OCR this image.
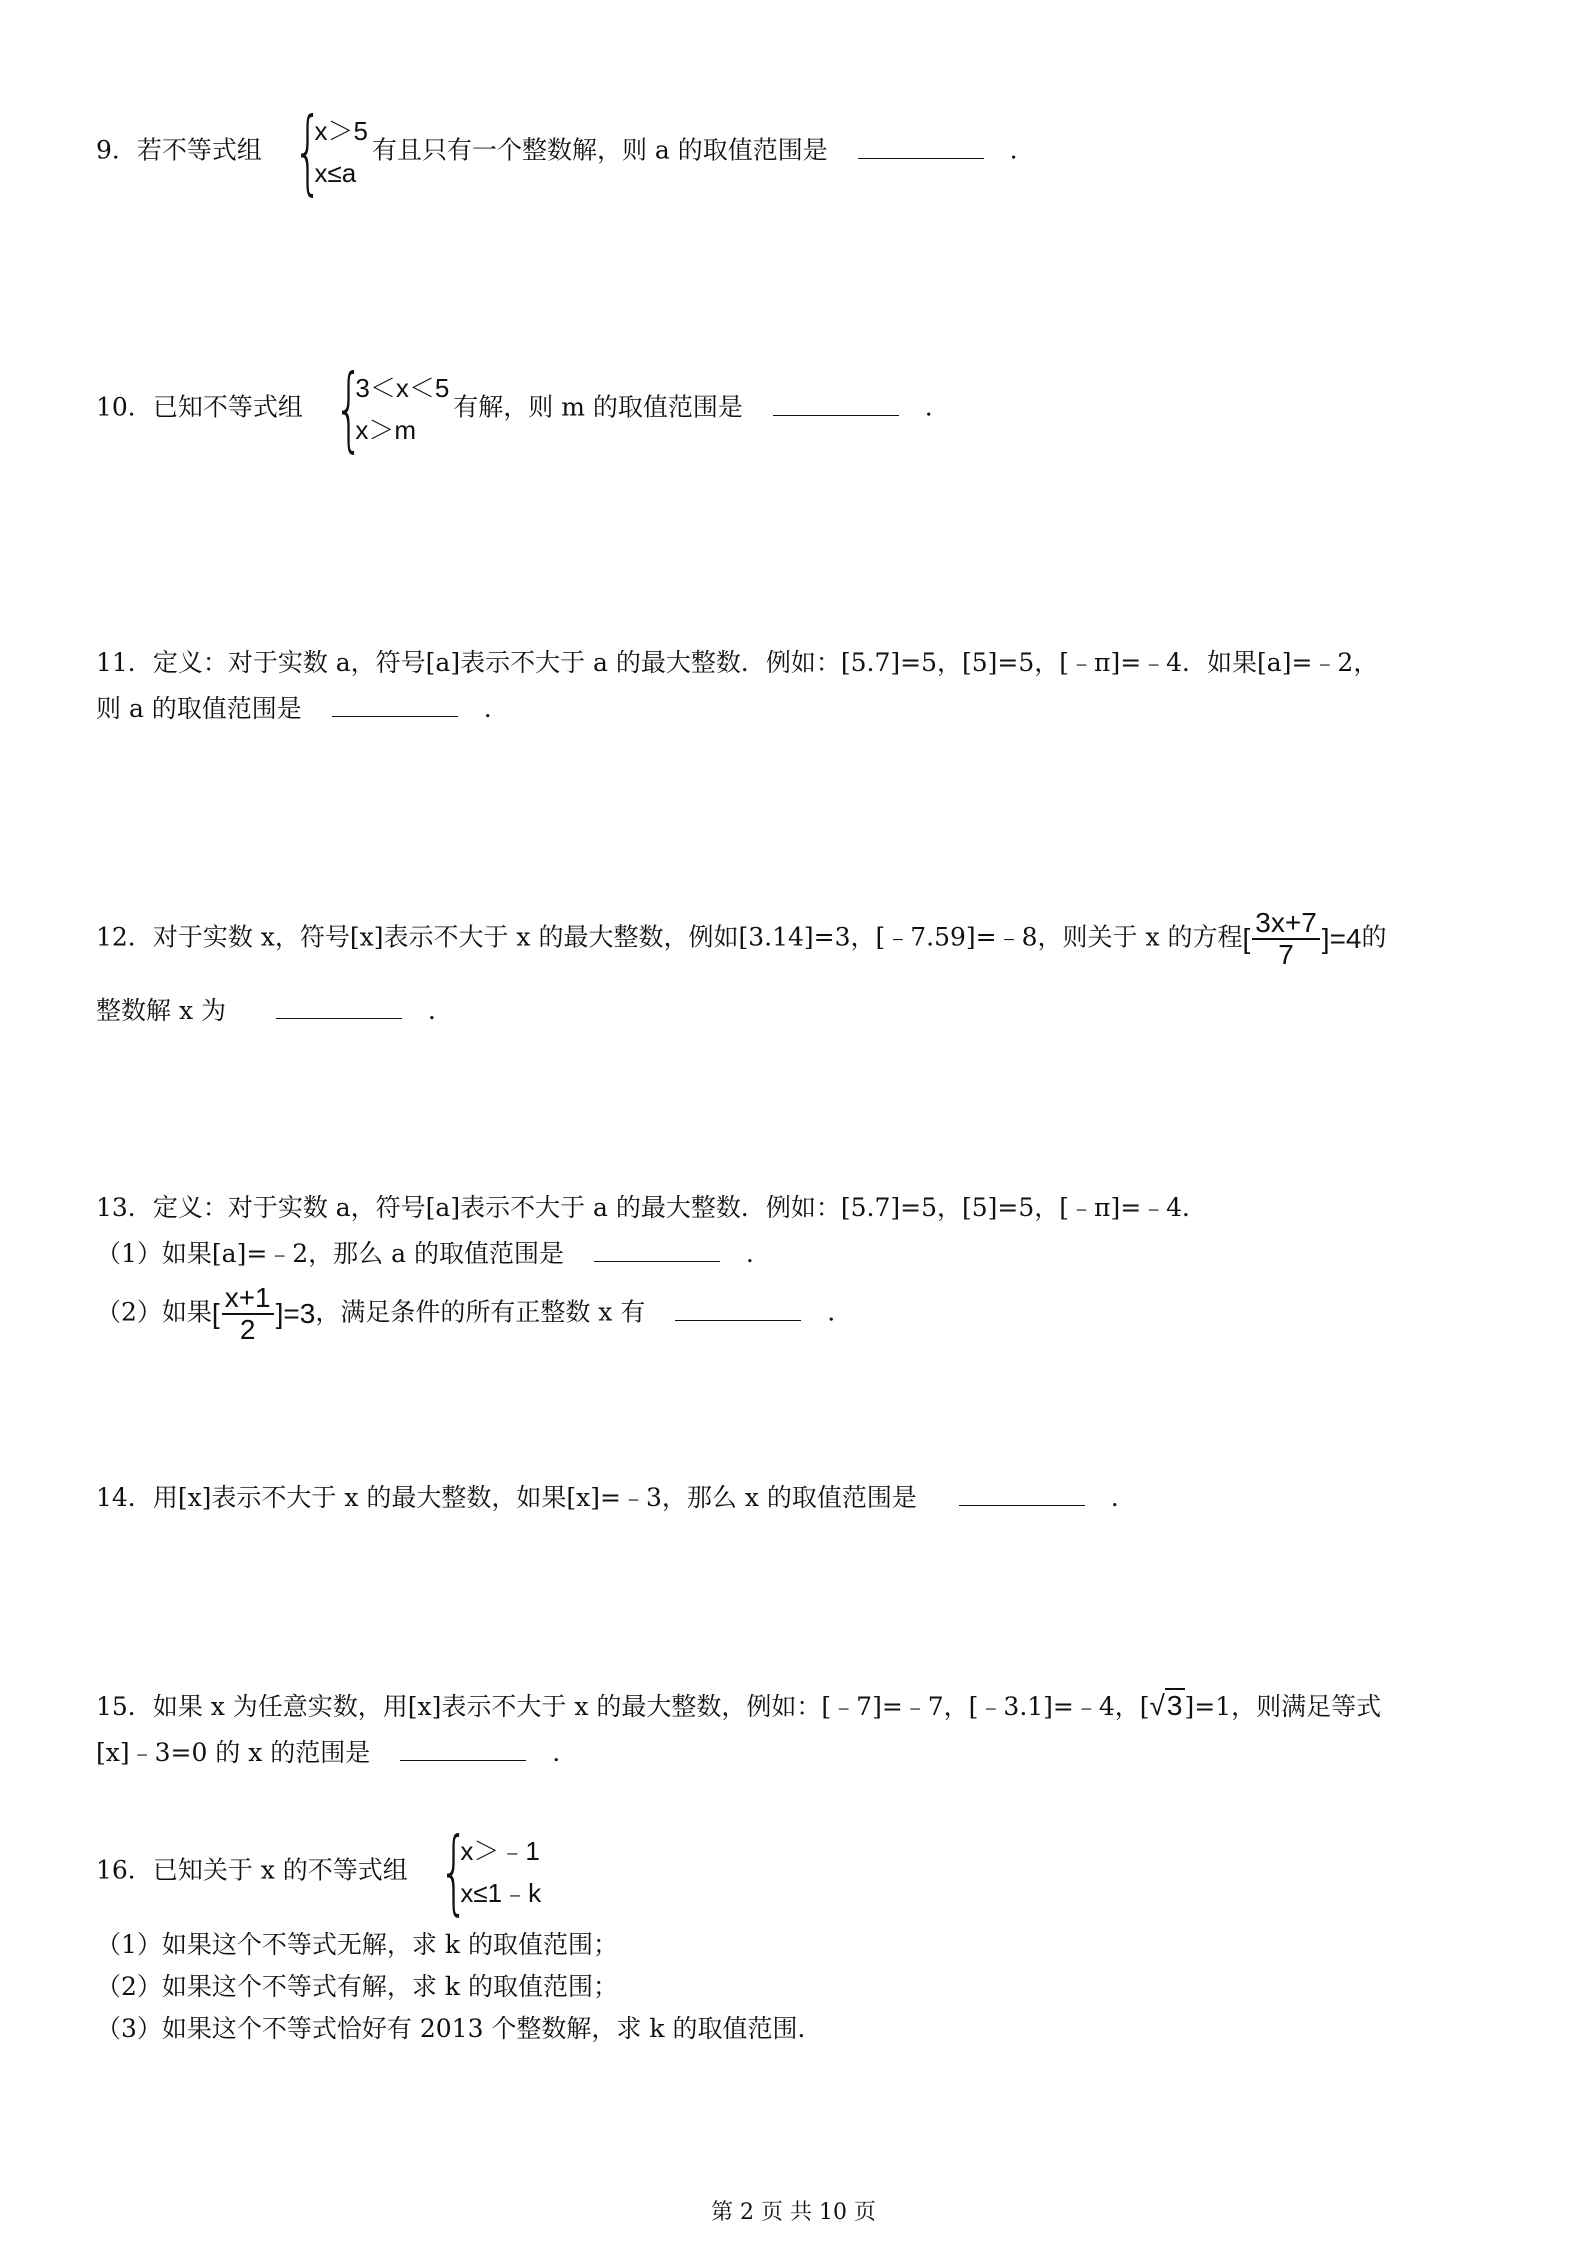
9．若不等式组 {
x＞5
x≤a
有且只有一个整数解，则 a 的取值范围是	．
10．已知不等式组 {
3＜x＜5
x＞m
有解，则 m 的取值范围是	．
11．定义：对于实数 a，符号[a]表示不大于 a 的最大整数．例如：[5.7]=5，[5]=5，[﹣π]=﹣4．如果[a]=﹣2，
则 a 的取值范围是	．
12．对于实数 x，符号[x]表示不大于 x 的最大整数，例如[3.14]=3，[﹣7.59]=﹣8，则关于 x 的方程 [ $\frac{3x+7}{7} ]=4$ 的
整数解 x 为	．
13．定义：对于实数 a，符号[a]表示不大于 a 的最大整数．例如：[5.7]=5，[5]=5，[﹣π]=﹣4．
（1）如果[a]=﹣2，那么 a 的取值范围是	．
（2）如果 [ $\frac{x+1}{2} ]=3$ ，满足条件的所有正整数 x 有	．
14．用[x]表示不大于 x 的最大整数，如果[x]=﹣3，那么 x 的取值范围是	．
15．如果 x 为任意实数，用[x]表示不大于 x 的最大整数，例如：[﹣7]=﹣7，[﹣3.1]=﹣4，[√3]=1，则满足等式
[x]﹣3=0 的 x 的范围是	．
16．已知关于 x 的不等式组 {
x＞﹣1
x≤1﹣k
（1）如果这个不等式无解，求 k 的取值范围；
（2）如果这个不等式有解，求 k 的取值范围；
（3）如果这个不等式恰好有 2013 个整数解，求 k 的取值范围．
第 2 页 共 10 页
